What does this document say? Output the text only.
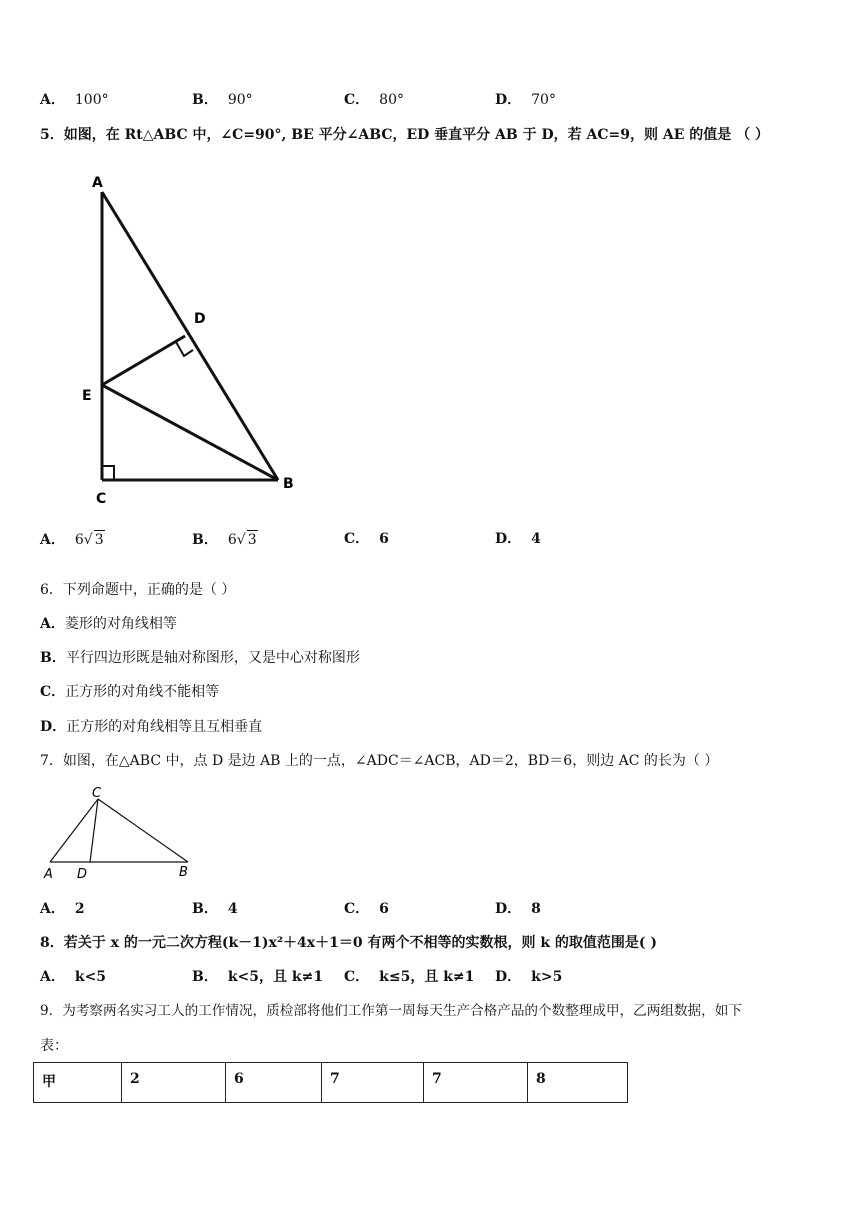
A． 100°	B． 90°	C． 80°	D． 70°
5．如图，在 Rt△ABC 中，∠C=90°, BE 平分∠ABC，ED 垂直平分 AB 于 D，若 AC=9，则 AE 的值是 （ ）
A
D
E
C
B
A． 6√ 3	B． 6√ 3	C． 6	D． 4
6．下列命题中，正确的是（ ）
A．菱形的对角线相等
B．平行四边形既是轴对称图形，又是中心对称图形
C．正方形的对角线不能相等
D．正方形的对角线相等且互相垂直
7．如图，在△ABC 中，点 D 是边 AB 上的一点，∠ADC＝∠ACB，AD＝2，BD＝6，则边 AC 的长为（ ）
C
A D	B
A． 2	B． 4	C． 6	D． 8
8．若关于 x 的一元二次方程(k－1)x²＋4x＋1＝0 有两个不相等的实数根，则 k 的取值范围是( )
A． k<5	B． k<5，且 k≠1 C． k≤5，且 k≠1 D． k>5
9．为考察两名实习工人的工作情况，质检部将他们工作第一周每天生产合格产品的个数整理成甲，乙两组数据，如下
表：
甲	2	6	7	7	8
